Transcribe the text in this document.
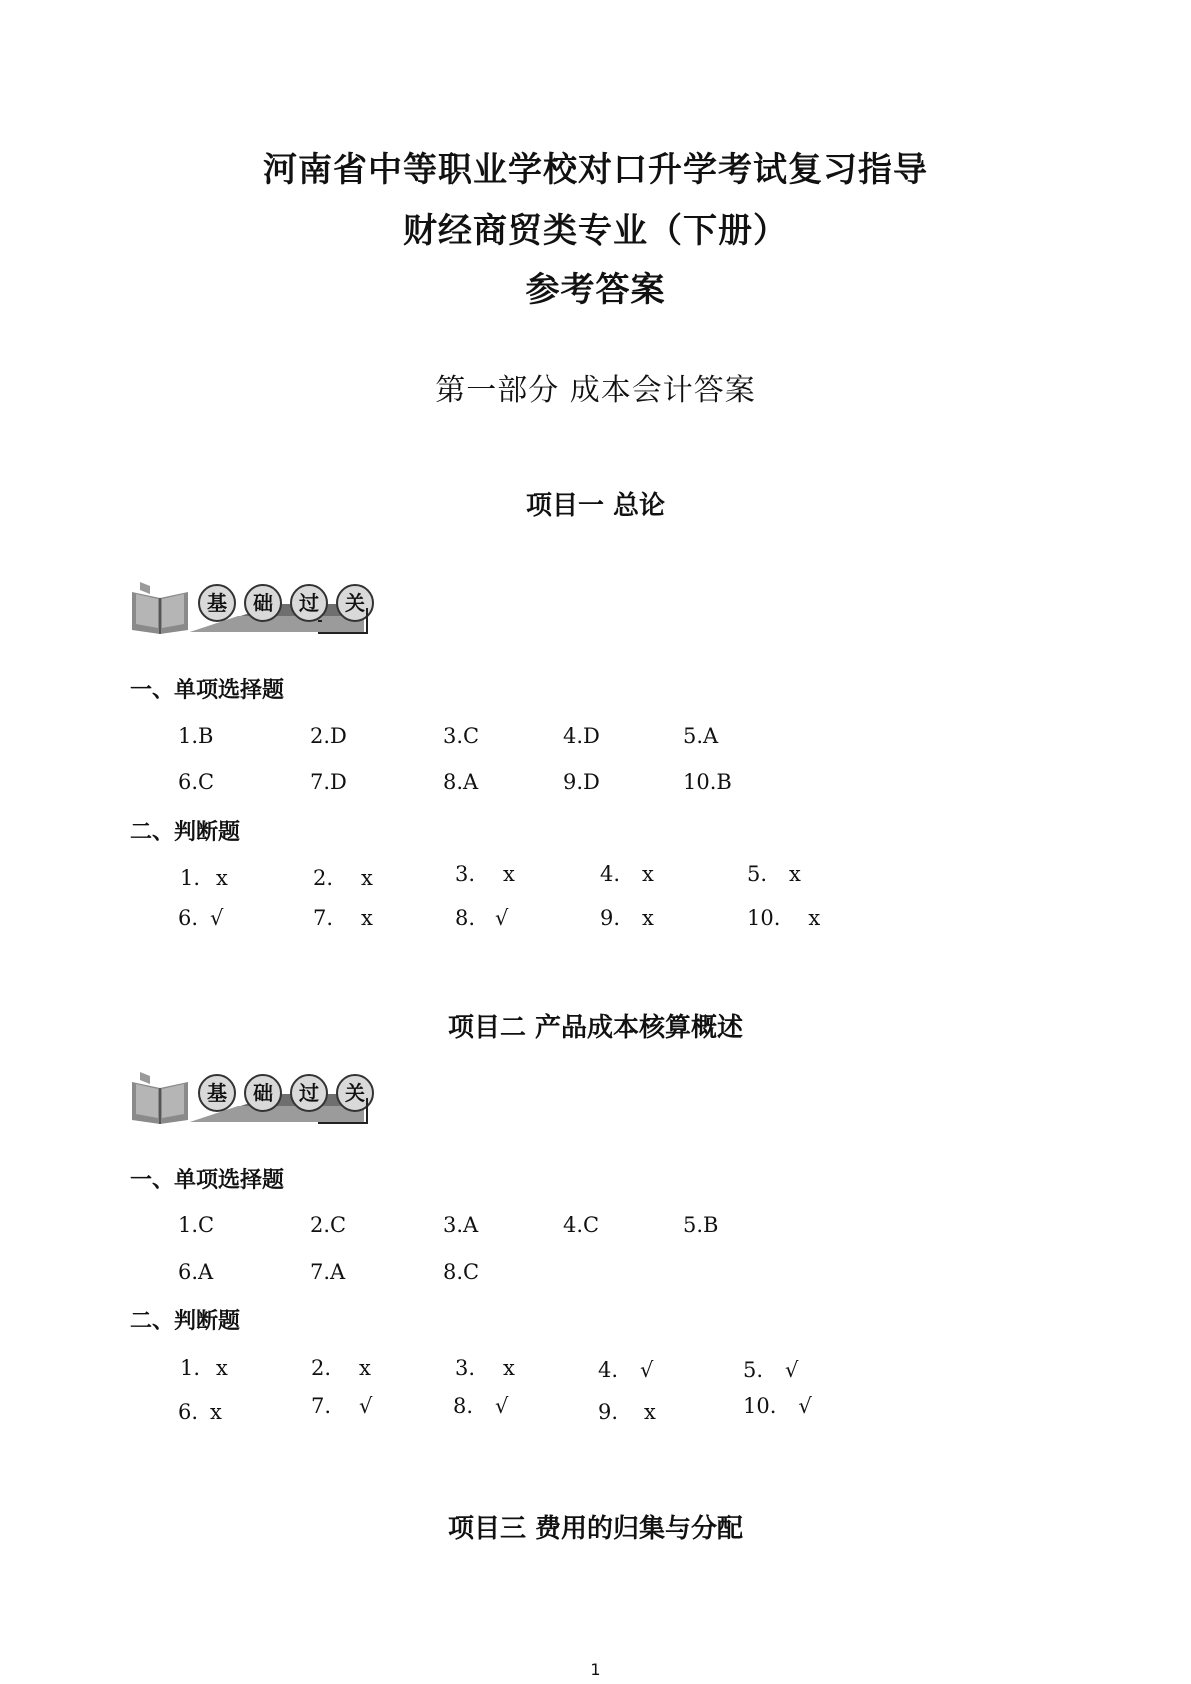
河南省中等职业学校对口升学考试复习指导
财经商贸类专业（下册）
参考答案
第一部分 成本会计答案
项目一 总论
基	础	过	关
一、单项选择题
1.B	2.D	3.C	4.D	5.A
6.C	7.D	8.A	9.D	10.B
二、判断题
1. x	2. x	3. x	4. x	5. x
6. √	7. x	8. √	9. x	10. x
项目二 产品成本核算概述
基	础	过	关
一、单项选择题
1.C	2.C	3.A	4.C	5.B
6.A	7.A	8.C
二、判断题
1. x	2. x	3. x	4. √	5. √
6. x	7. √	8. √	9. x	10. √
项目三 费用的归集与分配
1
